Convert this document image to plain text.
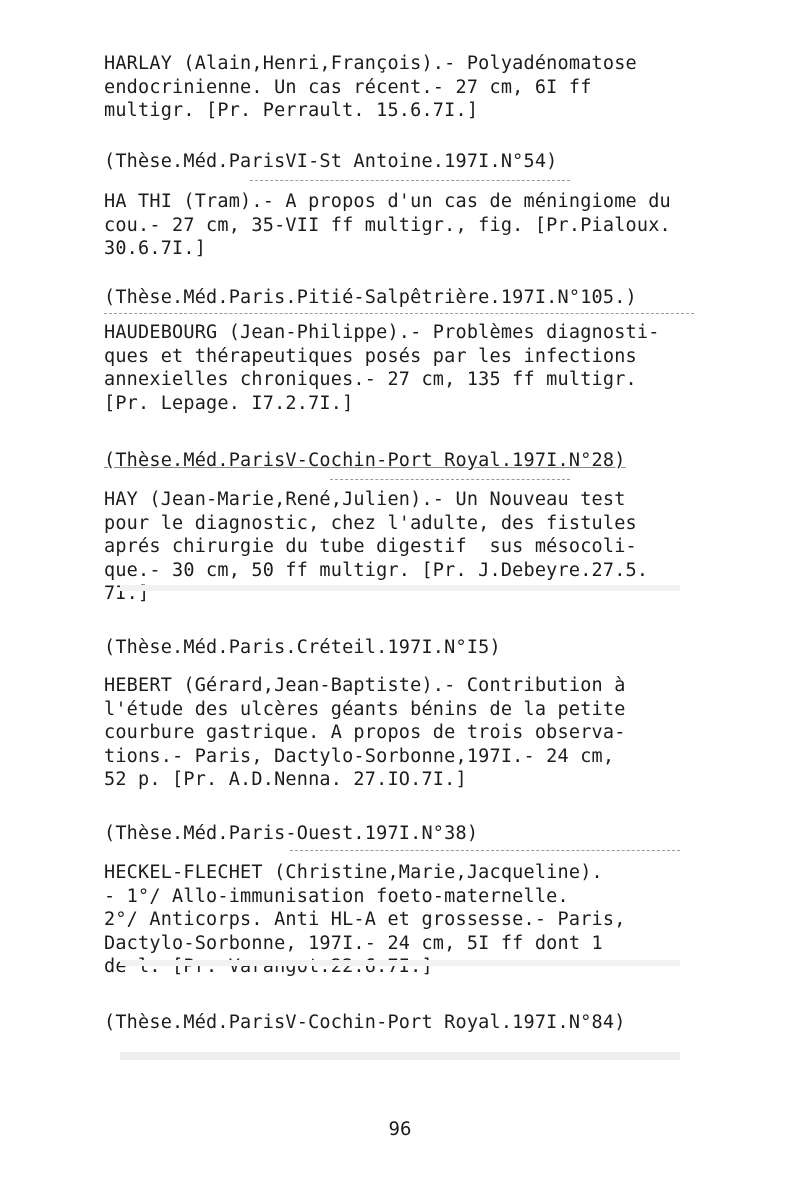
HARLAY (Alain,Henri,François).- Polyadénomatose
endocrinienne. Un cas récent.- 27 cm, 6I ff
multigr. [Pr. Perrault. 15.6.7I.]
(Thèse.Méd.ParisVI-St Antoine.197I.N°54)
HA THI (Tram).- A propos d'un cas de méningiome du
cou.- 27 cm, 35-VII ff multigr., fig. [Pr.Pialoux.
30.6.7I.]
(Thèse.Méd.Paris.Pitié-Salpêtrière.197I.N°105.)
HAUDEBOURG (Jean-Philippe).- Problèmes diagnosti-
ques et thérapeutiques posés par les infections
annexielles chroniques.- 27 cm, 135 ff multigr.
[Pr. Lepage. I7.2.7I.]
(Thèse.Méd.ParisV-Cochin-Port Royal.197I.N°28)
HAY (Jean-Marie,René,Julien).- Un Nouveau test
pour le diagnostic, chez l'adulte, des fistules
aprés chirurgie du tube digestif  sus mésocoli-
que.- 30 cm, 50 ff multigr. [Pr. J.Debeyre.27.5.
7I.]
(Thèse.Méd.Paris.Créteil.197I.N°I5)
HEBERT (Gérard,Jean-Baptiste).- Contribution à
l'étude des ulcères géants bénins de la petite
courbure gastrique. A propos de trois observa-
tions.- Paris, Dactylo-Sorbonne,197I.- 24 cm,
52 p. [Pr. A.D.Nenna. 27.IO.7I.]
(Thèse.Méd.Paris-Ouest.197I.N°38)
HECKEL-FLECHET (Christine,Marie,Jacqueline).
- 1°/ Allo-immunisation foeto-maternelle.
2°/ Anticorps. Anti HL-A et grossesse.- Paris,
Dactylo-Sorbonne, 197I.- 24 cm, 5I ff dont 1
de l. [Pr. Varangot.22.6.7I.]
(Thèse.Méd.ParisV-Cochin-Port Royal.197I.N°84)
96
